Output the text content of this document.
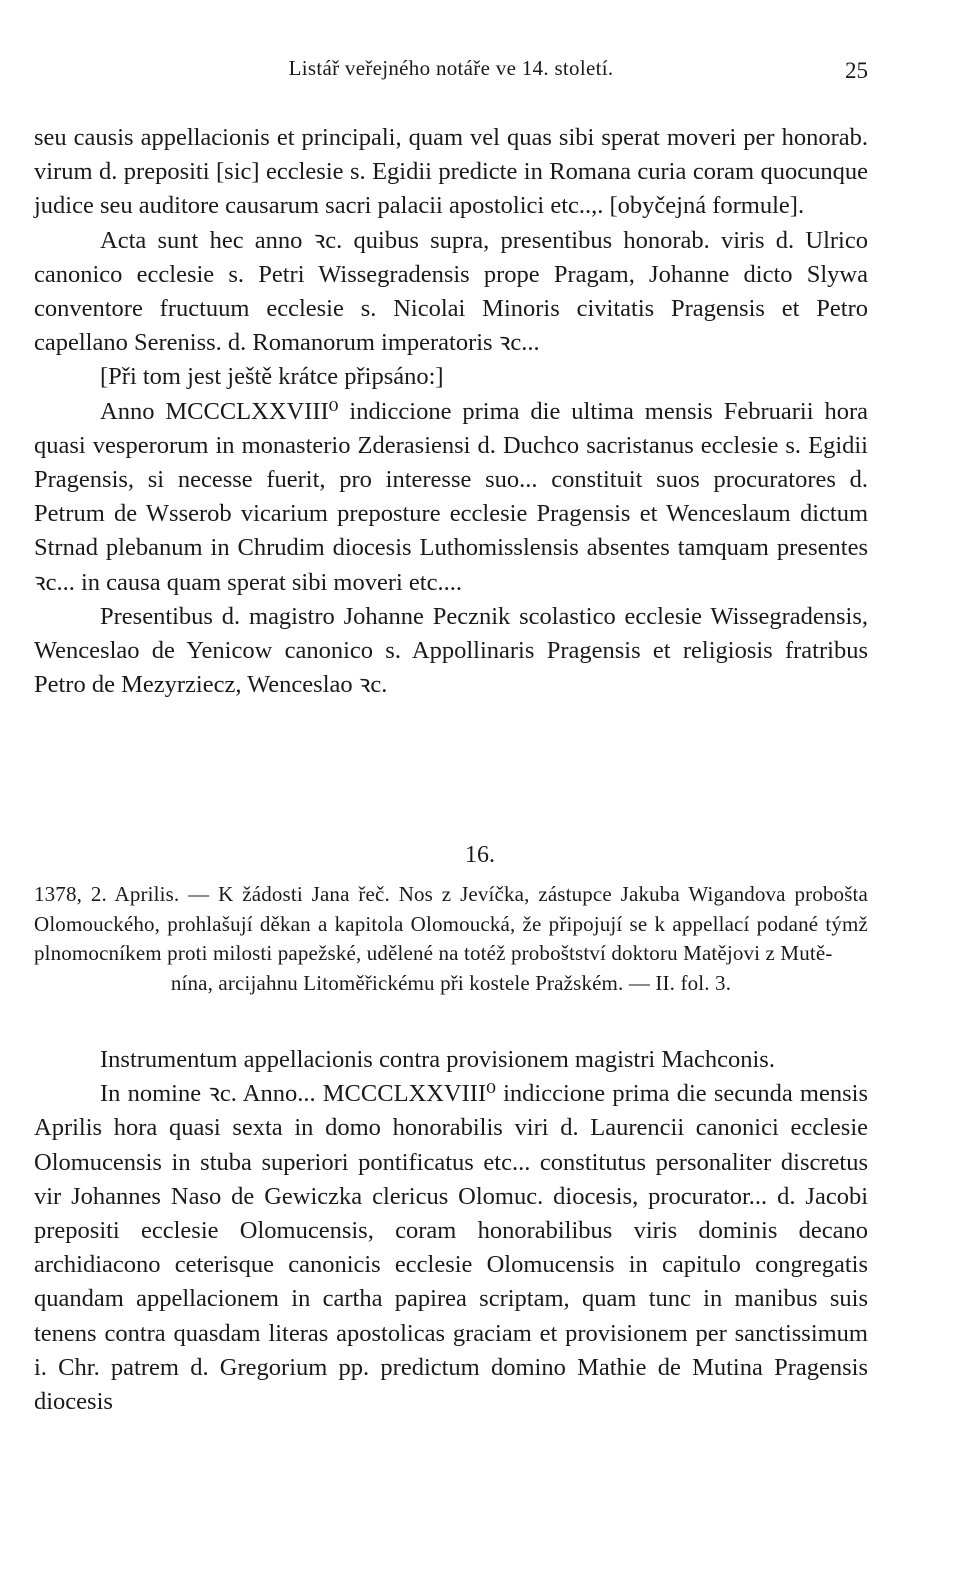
Listář veřejného notáře ve 14. století.	25

seu causis appellacionis et principali, quam vel quas sibi sperat moveri per honorab. virum d. prepositi [sic] ecclesie s. Egidii predicte in Romana curia coram quocunque judice seu auditore causarum sacri palacii apostolici etc..,. [obyčejná formule].

Acta sunt hec anno ꝛc. quibus supra, presentibus honorab. viris d. Ulrico canonico ecclesie s. Petri Wissegradensis prope Pragam, Johanne dicto Slywa conventore fructuum ecclesie s. Nicolai Minoris civitatis Pragensis et Petro capellano Sereniss. d. Romanorum imperatoris ꝛc...

[Při tom jest ještě krátce připsáno:]

Anno MCCCLXXVIII⁰ indiccione prima die ultima mensis Februarii hora quasi vesperorum in monasterio Zderasiensi d. Duchco sacristanus ecclesie s. Egidii Pragensis, si necesse fuerit, pro interesse suo... constituit suos procuratores d. Petrum de Wsserob vicarium preposture ecclesie Pragensis et Wenceslaum dictum Strnad plebanum in Chrudim diocesis Luthomisslensis absentes tamquam presentes ꝛc... in causa quam sperat sibi moveri etc....

Presentibus d. magistro Johanne Pecznik scolastico ecclesie Wissegradensis, Wenceslao de Yenicow canonico s. Appollinaris Pragensis et religiosis fratribus Petro de Mezyrziecz, Wenceslao ꝛc.

16.

1378, 2. Aprilis. — K žádosti Jana řeč. Nos z Jevíčka, zástupce Jakuba Wigandova probošta Olomouckého, prohlašují děkan a kapitola Olomoucká, že připojují se k appellací podané týmž plnomocníkem proti milosti papežské, udělené na totéž proboštství doktoru Matějovi z Mutě-
nína, arcijahnu Litoměřickému při kostele Pražském. — II. fol. 3.

Instrumentum appellacionis contra provisionem magistri Machconis.

In nomine ꝛc. Anno... MCCCLXXVIII⁰ indiccione prima die secunda mensis Aprilis hora quasi sexta in domo honorabilis viri d. Laurencii canonici ecclesie Olomucensis in stuba superiori pontificatus etc... constitutus personaliter discretus vir Johannes Naso de Gewiczka clericus Olomuc. diocesis, procurator... d. Jacobi prepositi ecclesie Olomucensis, coram honorabilibus viris dominis decano archidiacono ceterisque canonicis ecclesie Olomucensis in capitulo congregatis quandam appellacionem in cartha papirea scriptam, quam tunc in manibus suis tenens contra quasdam literas apostolicas graciam et provisionem per sanctissimum i. Chr. patrem d. Gregorium pp. predictum domino Mathie de Mutina Pragensis diocesis
